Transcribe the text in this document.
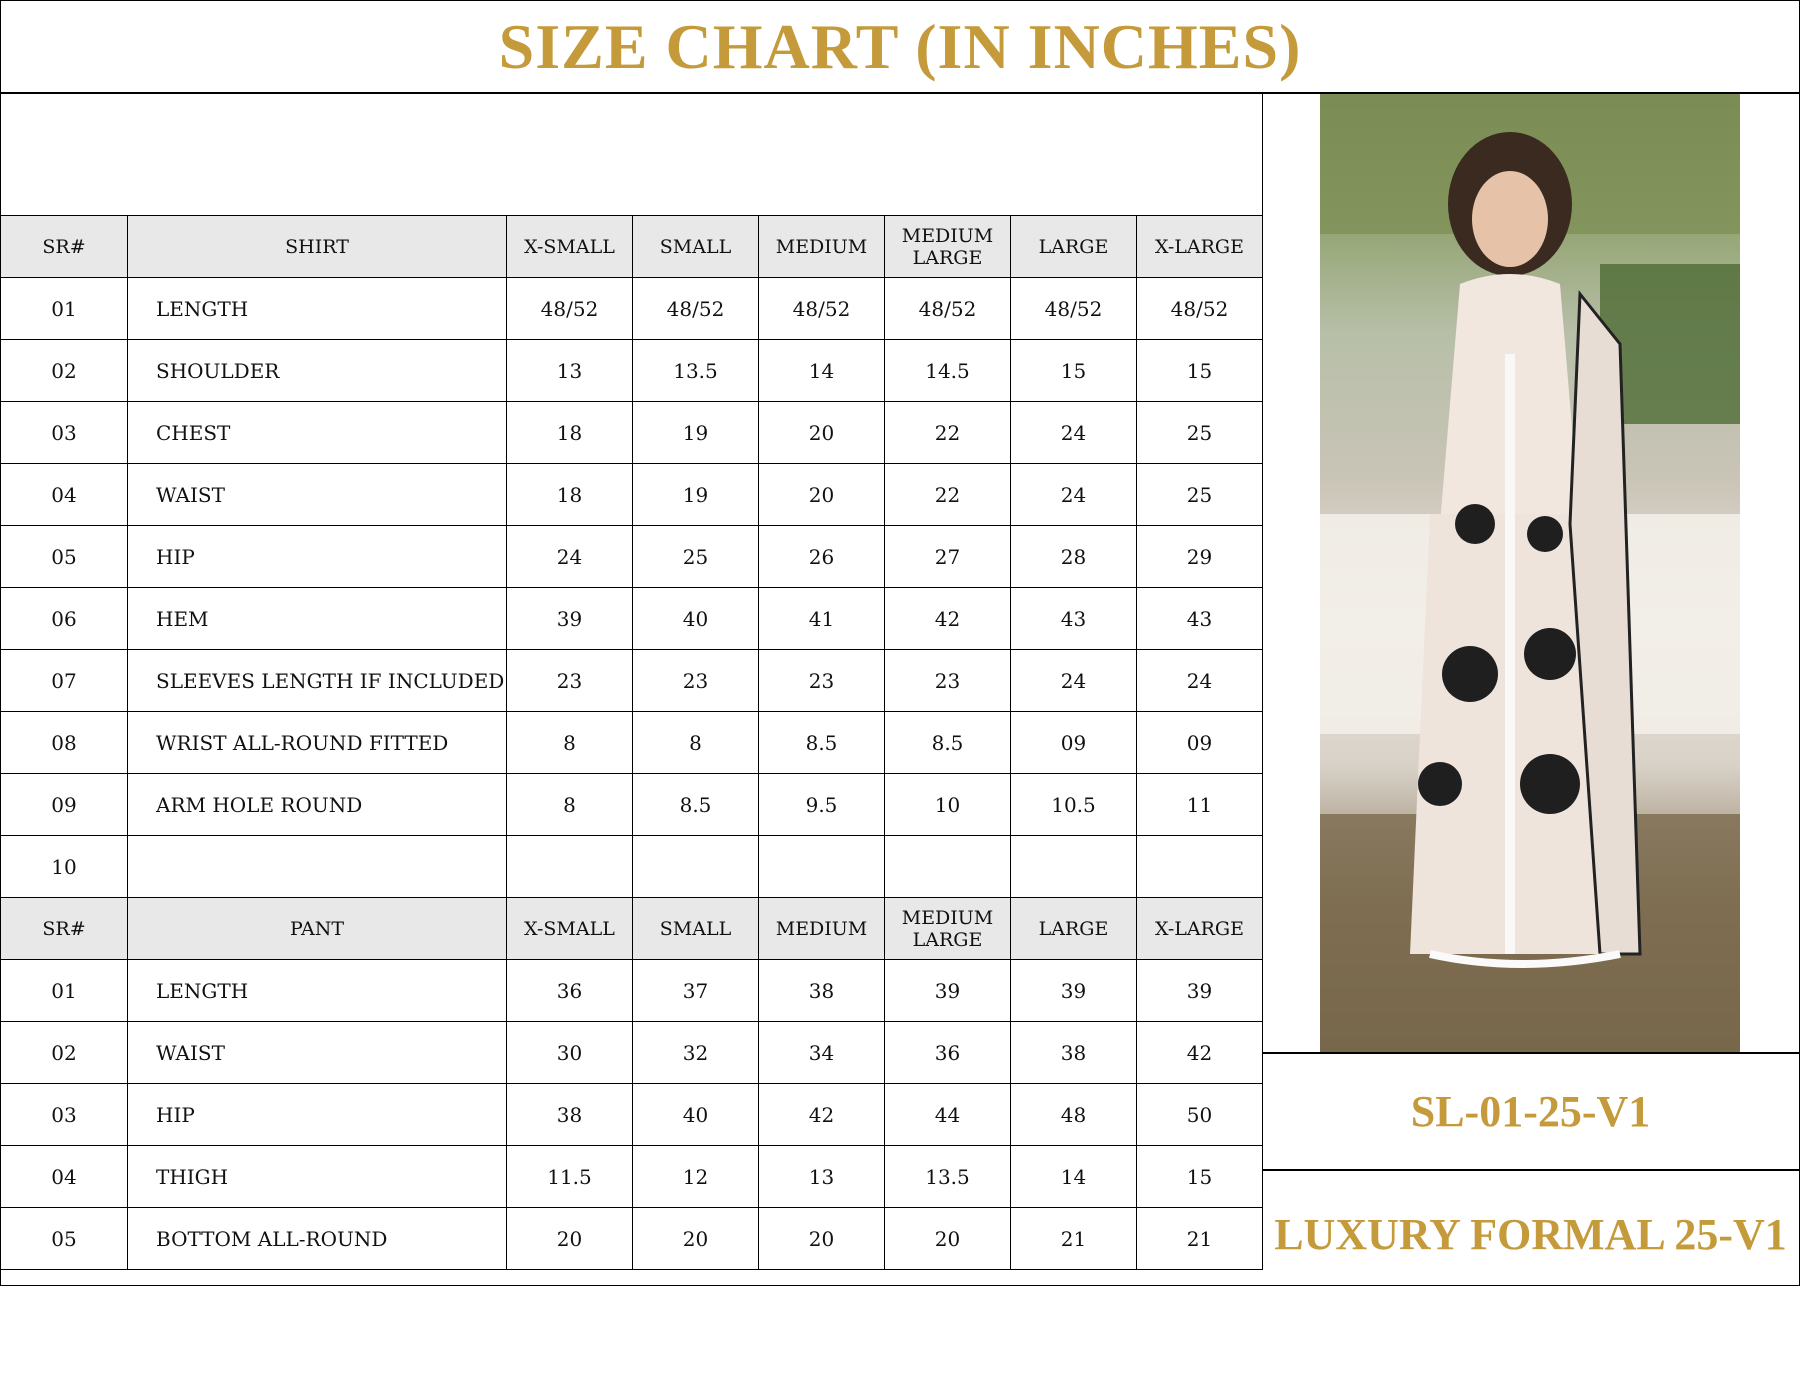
SIZE CHART (IN INCHES)
SR#	SHIRT	X-SMALL	SMALL	MEDIUM	MEDIUM LARGE	LARGE	X-LARGE
01	LENGTH	48/52	48/52	48/52	48/52	48/52	48/52
02	SHOULDER	13	13.5	14	14.5	15	15
03	CHEST	18	19	20	22	24	25
04	WAIST	18	19	20	22	24	25
05	HIP	24	25	26	27	28	29
06	HEM	39	40	41	42	43	43
07	SLEEVES LENGTH IF INCLUDED	23	23	23	23	24	24
08	WRIST ALL-ROUND FITTED	8	8	8.5	8.5	09	09
09	ARM HOLE ROUND	8	8.5	9.5	10	10.5	11
10							
SR#	PANT	X-SMALL	SMALL	MEDIUM	MEDIUM LARGE	LARGE	X-LARGE
01	LENGTH	36	37	38	39	39	39
02	WAIST	30	32	34	36	38	42
03	HIP	38	40	42	44	48	50
04	THIGH	11.5	12	13	13.5	14	15
05	BOTTOM ALL-ROUND	20	20	20	20	21	21
SL-01-25-V1
LUXURY FORMAL 25-V1
